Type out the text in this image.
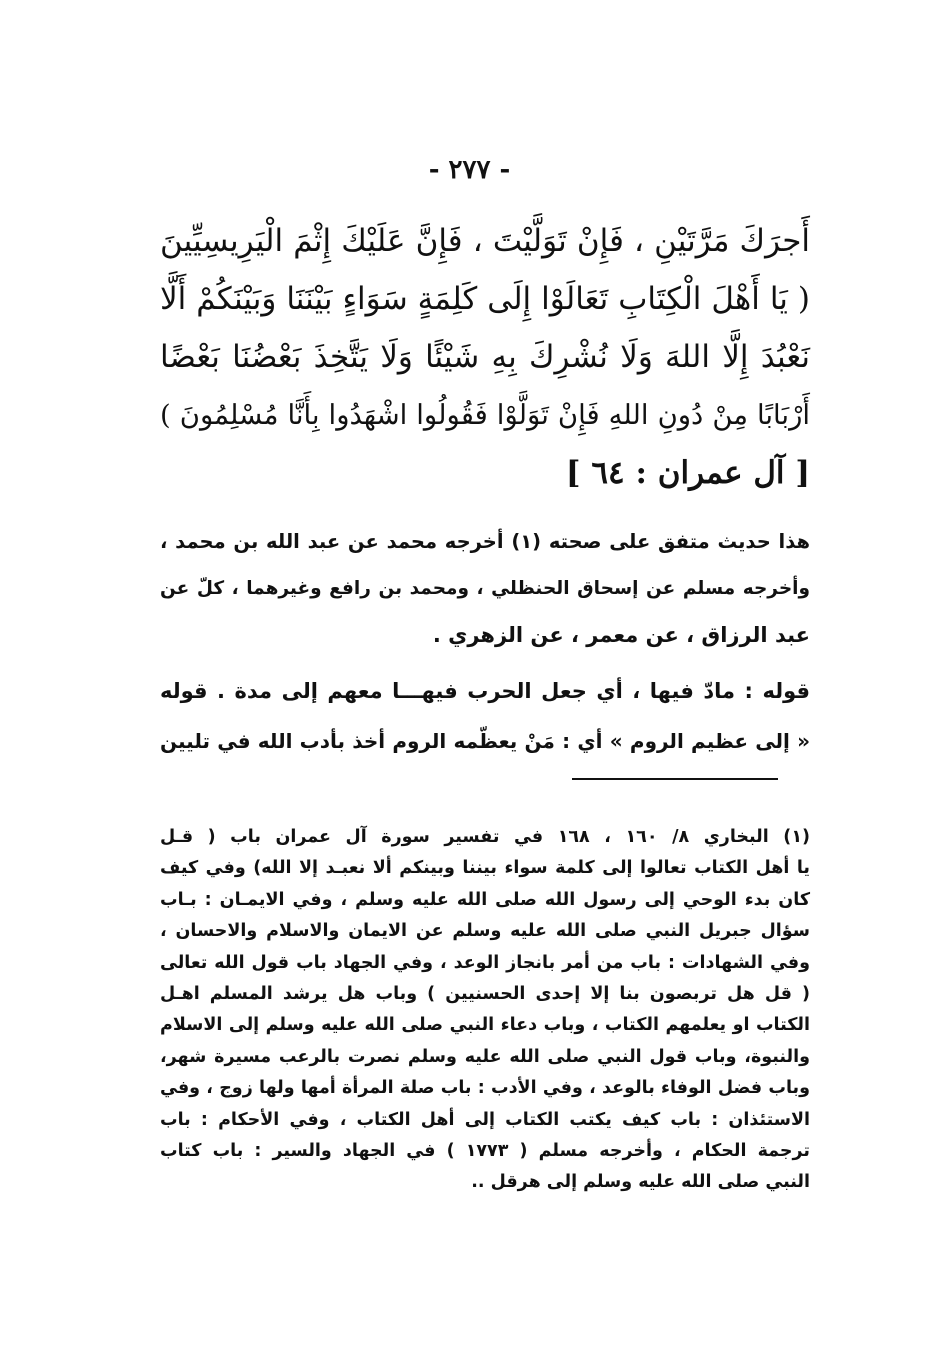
- ٢٧٧ -
أَجرَكَ مَرَّتَيْنِ ، فَإِنْ تَوَلَّيْتَ ، فَإِنَّ عَلَيْكَ إِثْمَ الْيَرِيسِيِّينَ
( يَا أَهْلَ الْكِتَابِ تَعَالَوْا إِلَى كَلِمَةٍ سَوَاءٍ بَيْنَنَا وَبَيْنَكُمْ أَلَّا
نَعْبُدَ إِلَّا اللهَ وَلَا نُشْرِكَ بِهِ شَيْئًا وَلَا يَتَّخِذَ بَعْضُنَا بَعْضًا
أَرْبَابًا مِنْ دُونِ اللهِ فَإِنْ تَوَلَّوْا فَقُولُوا اشْهَدُوا بِأَنَّا مُسْلِمُونَ )
[ آل عمران : ٦٤ ]
هذا حديث متفق على صحته (١) أخرجه محمد عن عبد الله بن محمد ،
وأخرجه مسلم عن إسحاق الحنظلي ، ومحمد بن رافع وغيرهما ، كلّ عن
عبد الرزاق ، عن معمر ، عن الزهري .
قوله : مادّ فيها ، أي جعل الحرب فيهـــا معهم إلى مدة . قوله
« إلى عظيم الروم » أي : مَنْ يعظّمه الروم أخذ بأدب الله في تليين
(١) البخاري ٨/ ١٦٠ ، ١٦٨ في تفسير سورة آل عمران باب ( قـل
يا أهل الكتاب تعالوا إلى كلمة سواء بيننا وبينكم ألا نعبـد إلا الله) وفي كيف
كان بدء الوحي إلى رسول الله صلى الله عليه وسلم ، وفي الايمـان : بـاب
سؤال جبريل النبي صلى الله عليه وسلم عن الايمان والاسلام والاحسان ،
وفي الشهادات : باب من أمر بانجاز الوعد ، وفي الجهاد باب قول الله تعالى
( قل هل تربصون بنا إلا إحدى الحسنيين ) وباب هل يرشد المسلم اهـل
الكتاب او يعلمهم الكتاب ، وباب دعاء النبي صلى الله عليه وسلم إلى الاسلام
والنبوة، وباب قول النبي صلى الله عليه وسلم نصرت بالرعب مسيرة شهر،
وباب فضل الوفاء بالوعد ، وفي الأدب : باب صلة المرأة أمها ولها زوج ، وفي
الاستئذان : باب كيف يكتب الكتاب إلى أهل الكتاب ، وفي الأحكام : باب
ترجمة الحكام ، وأخرجه مسلم ( ١٧٧٣ ) في الجهاد والسير : باب كتاب
النبي صلى الله عليه وسلم إلى هرقل ..
